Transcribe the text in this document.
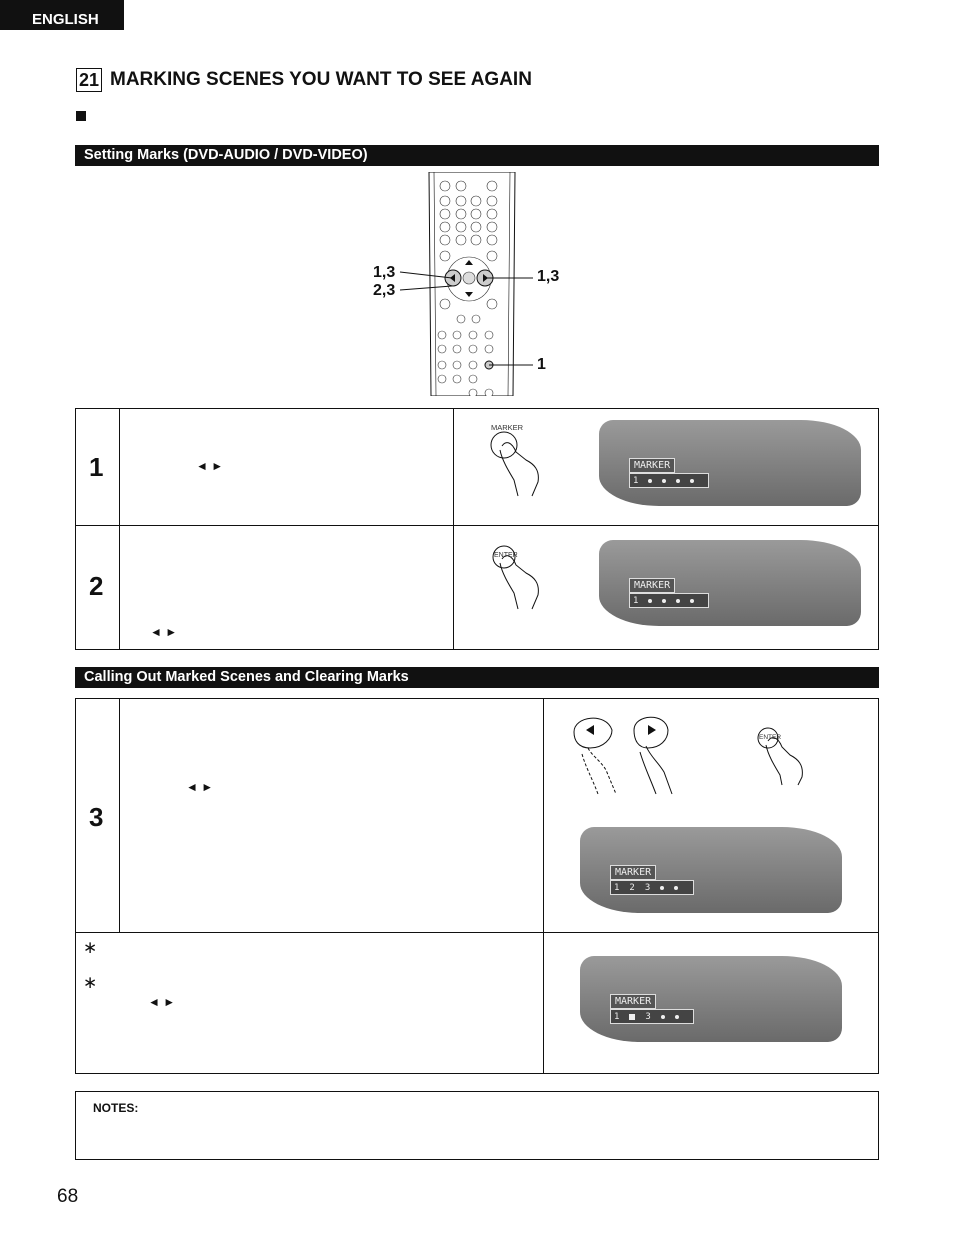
ENGLISH
21 MARKING SCENES YOU WANT TO SEE AGAIN
Setting Marks (DVD-AUDIO / DVD-VIDEO)
1,3
2,3
1,3
1
1	◄ ►
MARKER
MARKER
1
2
◄ ►
ENTER
MARKER
1
Calling Out Marked Scenes and Clearing Marks
3
◄ ►
ENTER
MARKER
1 2 3
∗
∗
◄ ►	MARKER
1	3
NOTES:
68
